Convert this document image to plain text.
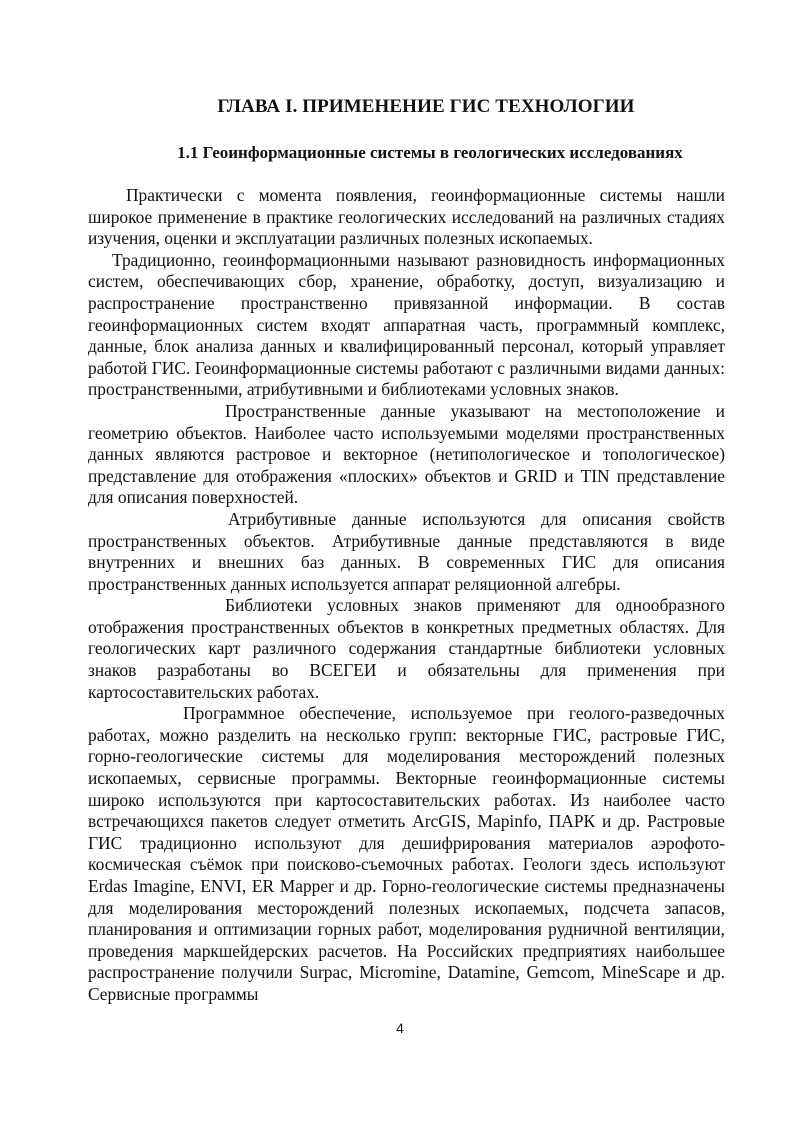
ГЛАВА I. ПРИМЕНЕНИЕ ГИС ТЕХНОЛОГИИ
1.1 Геоинформационные системы в геологических исследованиях

Практически с момента появления, геоинформационные системы нашли широкое применение в практике геологических исследований на различных стадиях изучения, оценки и эксплуатации различных полезных ископаемых.

Традиционно, геоинформационными называют разновидность информационных систем, обеспечивающих сбор, хранение, обработку, доступ, визуализацию и распространение пространственно привязанной информации. В состав геоинформационных систем входят аппаратная часть, программный комплекс, данные, блок анализа данных и квалифицированный персонал, который управляет работой ГИС. Геоинформационные системы работают с различными видами данных: пространственными, атрибутивными и библиотеками условных знаков.

Пространственные данные указывают на местоположение и геометрию объектов. Наиболее часто используемыми моделями пространственных данных являются растровое и векторное (нетипологическое и топологическое) представление для отображения «плоских» объектов и GRID и TIN представление для описания поверхностей.

Атрибутивные данные используются для описания свойств пространственных объектов. Атрибутивные данные представляются в виде внутренних и внешних баз данных. В современных ГИС для описания пространственных данных используется аппарат реляционной алгебры.

Библиотеки условных знаков применяют для однообразного отображения пространственных объектов в конкретных предметных областях. Для геологических карт различного содержания стандартные библиотеки условных знаков разработаны во ВСЕГЕИ и обязательны для применения при картосоставительских работах.

Программное обеспечение, используемое при геолого-разведочных работах, можно разделить на несколько групп: векторные ГИС, растровые ГИС, горно-геологические системы для моделирования месторождений полезных ископаемых, сервисные программы. Векторные геоинформационные системы широко используются при картосоставительских работах. Из наиболее часто встречающихся пакетов следует отметить ArcGIS, Mapinfo, ПАРК и др. Растровые ГИС традиционно используют для дешифрирования материалов аэрофото-космическая съёмок при поисково-съемочных работах. Геологи здесь используют Erdas Imagine, ENVI, ER Mapper и др. Горно-геологические системы предназначены для моделирования месторождений полезных ископаемых, подсчета запасов, планирования и оптимизации горных работ, моделирования рудничной вентиляции, проведения маркшейдерских расчетов. На Российских предприятиях наибольшее распространение получили Surpac, Micromine, Datamine, Gemcom, MineScape и др. Сервисные программы

4
